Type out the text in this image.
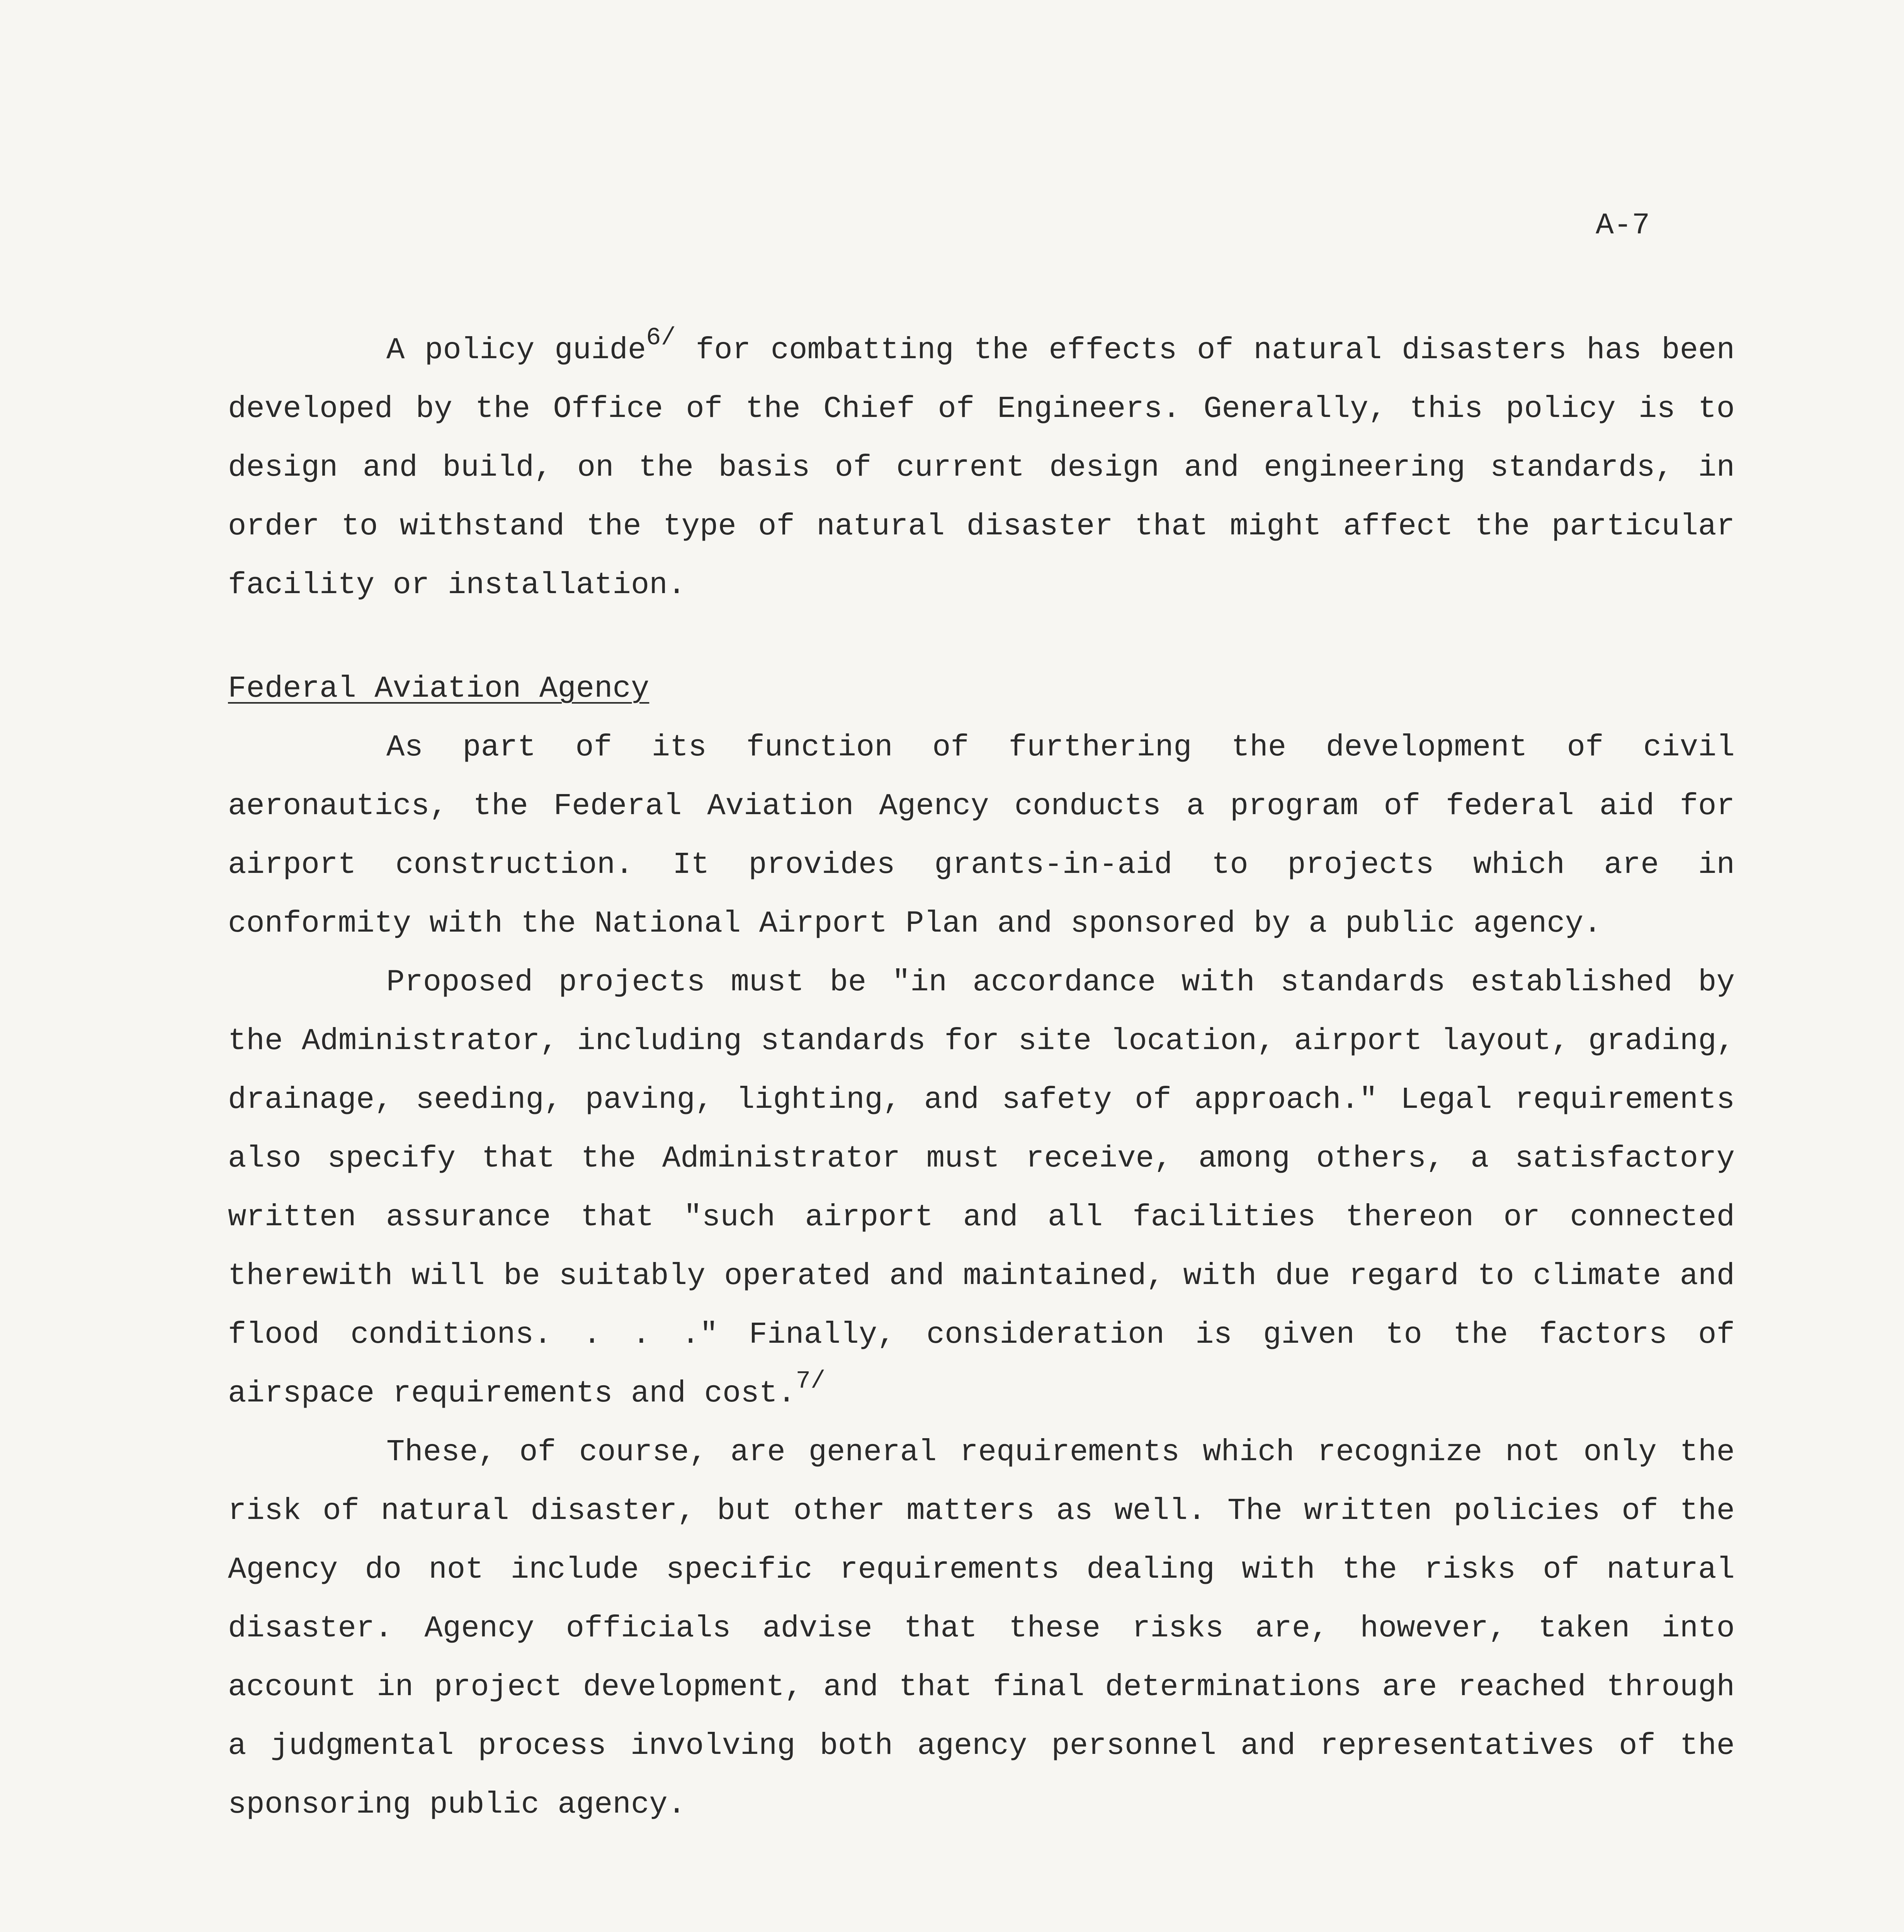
A-7

A policy guide$^{6/}$ for combatting the effects of natural disasters has been developed by the Office of the Chief of Engineers. Generally, this policy is to design and build, on the basis of current design and engineering standards, in order to withstand the type of natural disaster that might affect the particular facility or installation.

Federal Aviation Agency

As part of its function of furthering the development of civil aeronautics, the Federal Aviation Agency conducts a program of federal aid for airport construction. It provides grants-in-aid to projects which are in conformity with the National Airport Plan and sponsored by a public agency.

Proposed projects must be "in accordance with standards established by the Administrator, including standards for site location, airport layout, grading, drainage, seeding, paving, lighting, and safety of approach." Legal requirements also specify that the Administrator must receive, among others, a satisfactory written assurance that "such airport and all facilities thereon or connected therewith will be suitably operated and maintained, with due regard to climate and flood conditions. . . ." Finally, consideration is given to the factors of airspace requirements and cost.$^{7/}$

These, of course, are general requirements which recognize not only the risk of natural disaster, but other matters as well. The written policies of the Agency do not include specific requirements dealing with the risks of natural disaster. Agency officials advise that these risks are, however, taken into account in project development, and that final determinations are reached through a judgmental process involving both agency personnel and representatives of the sponsoring public agency.
